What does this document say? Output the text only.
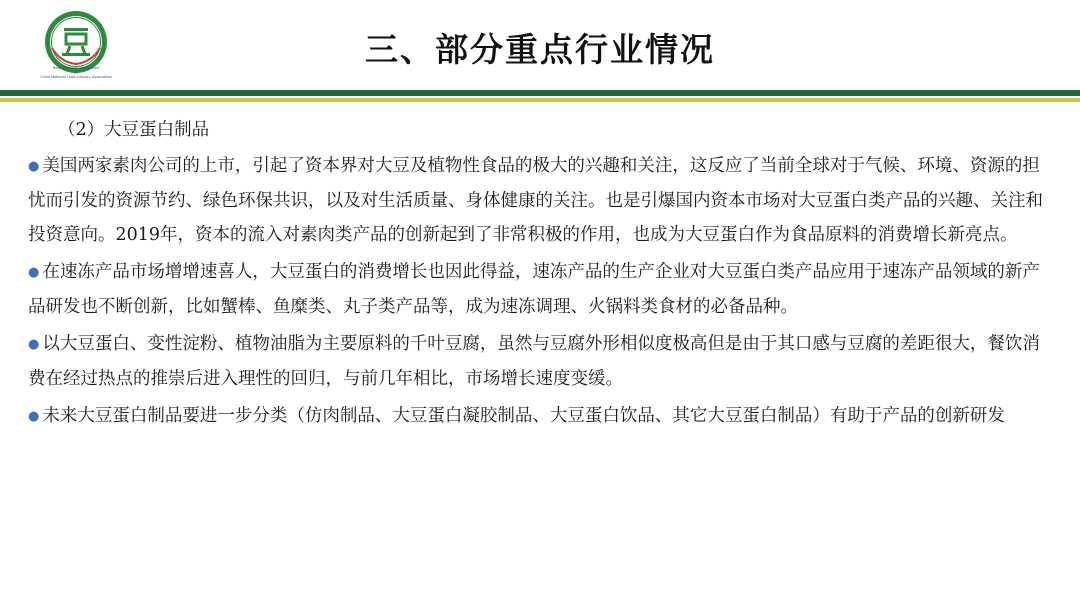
Bean Products Association
OF
China National Food Industry Association
三、部分重点行业情况

（2）大豆蛋白制品

● 美国两家素肉公司的上市，引起了资本界对大豆及植物性食品的极大的兴趣和关注，这反应了当前全球对于气候、环境、资源的担忧而引发的资源节约、绿色环保共识，以及对生活质量、身体健康的关注。也是引爆国内资本市场对大豆蛋白类产品的兴趣、关注和投资意向。2019年，资本的流入对素肉类产品的创新起到了非常积极的作用，也成为大豆蛋白作为食品原料的消费增长新亮点。

● 在速冻产品市场增增速喜人，大豆蛋白的消费增长也因此得益，速冻产品的生产企业对大豆蛋白类产品应用于速冻产品领域的新产品研发也不断创新，比如蟹棒、鱼糜类、丸子类产品等，成为速冻调理、火锅料类食材的必备品种。

● 以大豆蛋白、变性淀粉、植物油脂为主要原料的千叶豆腐，虽然与豆腐外形相似度极高但是由于其口感与豆腐的差距很大，餐饮消费在经过热点的推崇后进入理性的回归，与前几年相比，市场增长速度变缓。

● 未来大豆蛋白制品要进一步分类（仿肉制品、大豆蛋白凝胶制品、大豆蛋白饮品、其它大豆蛋白制品）有助于产品的创新研发
